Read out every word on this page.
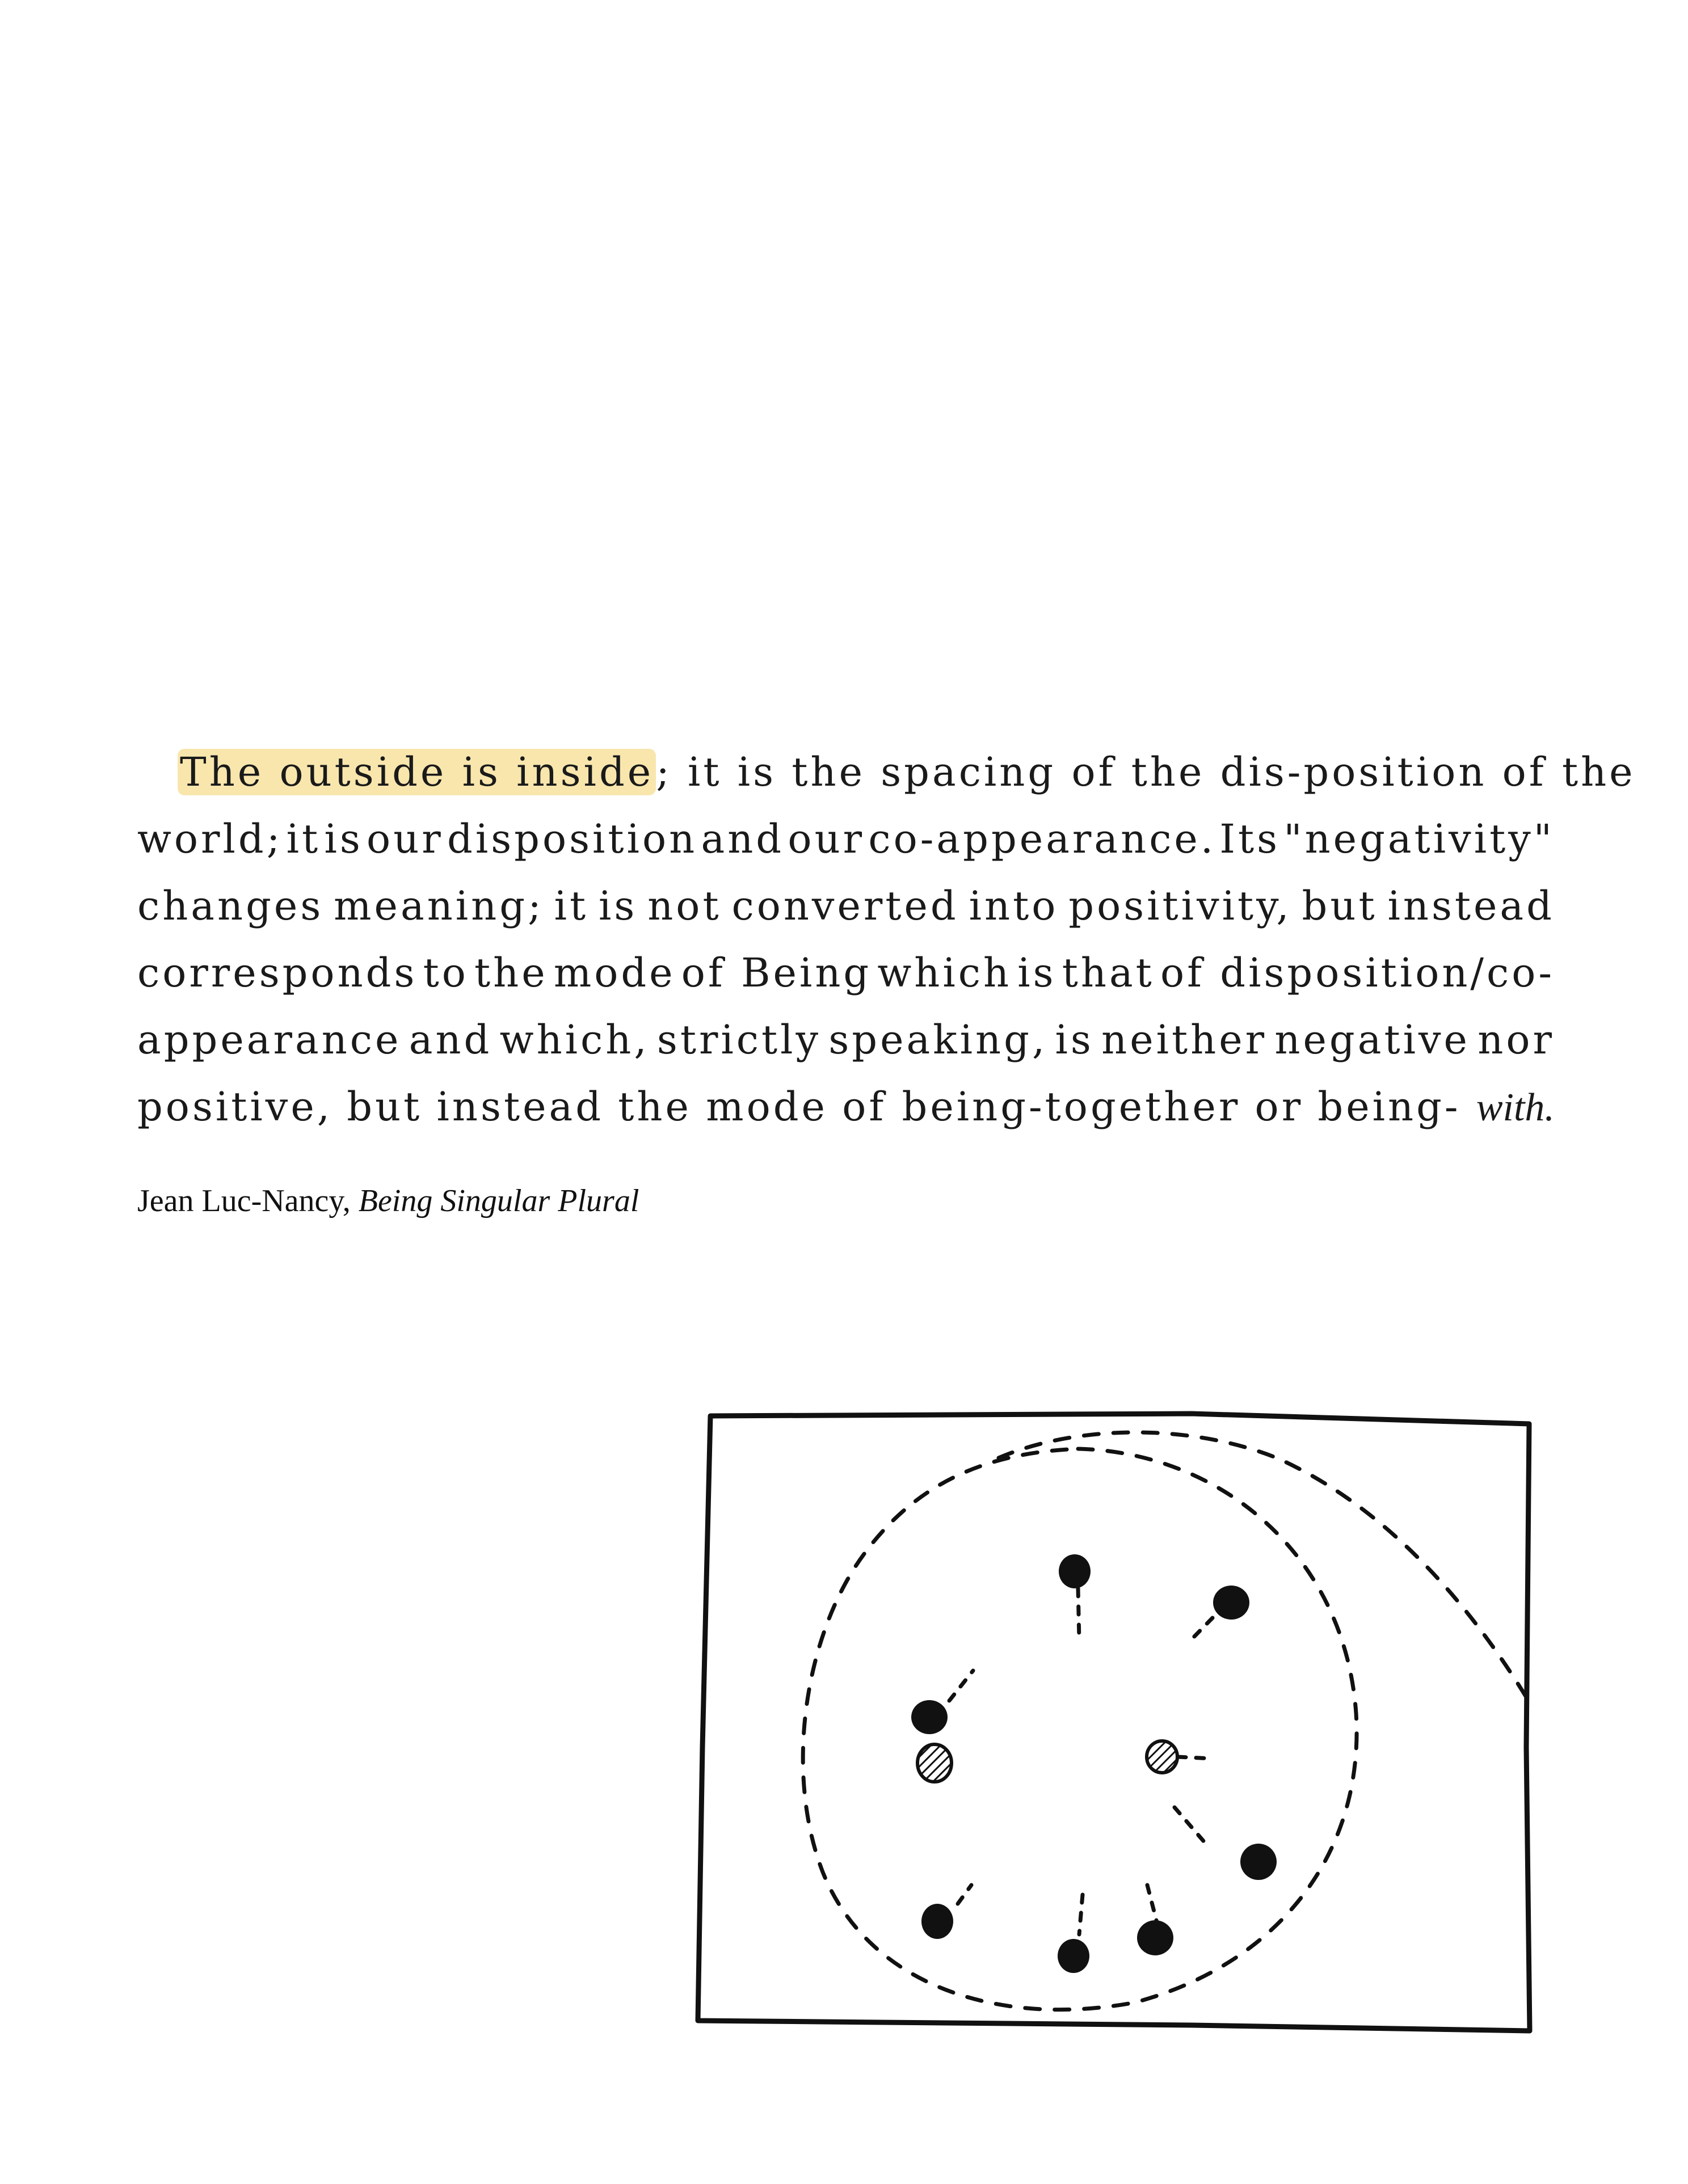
The outside is inside ; it is the spacing of the dis-position of the
world; it is our disposition and our co-appearance. Its "negativity"
changes meaning; it is not converted into positivity, but instead
corresponds to the mode of Being which is that of disposition/co-
appearance and which, strictly speaking, is neither negative nor
positive, but instead the mode of being-together or being- with.
Jean Luc-Nancy, Being Singular Plural
